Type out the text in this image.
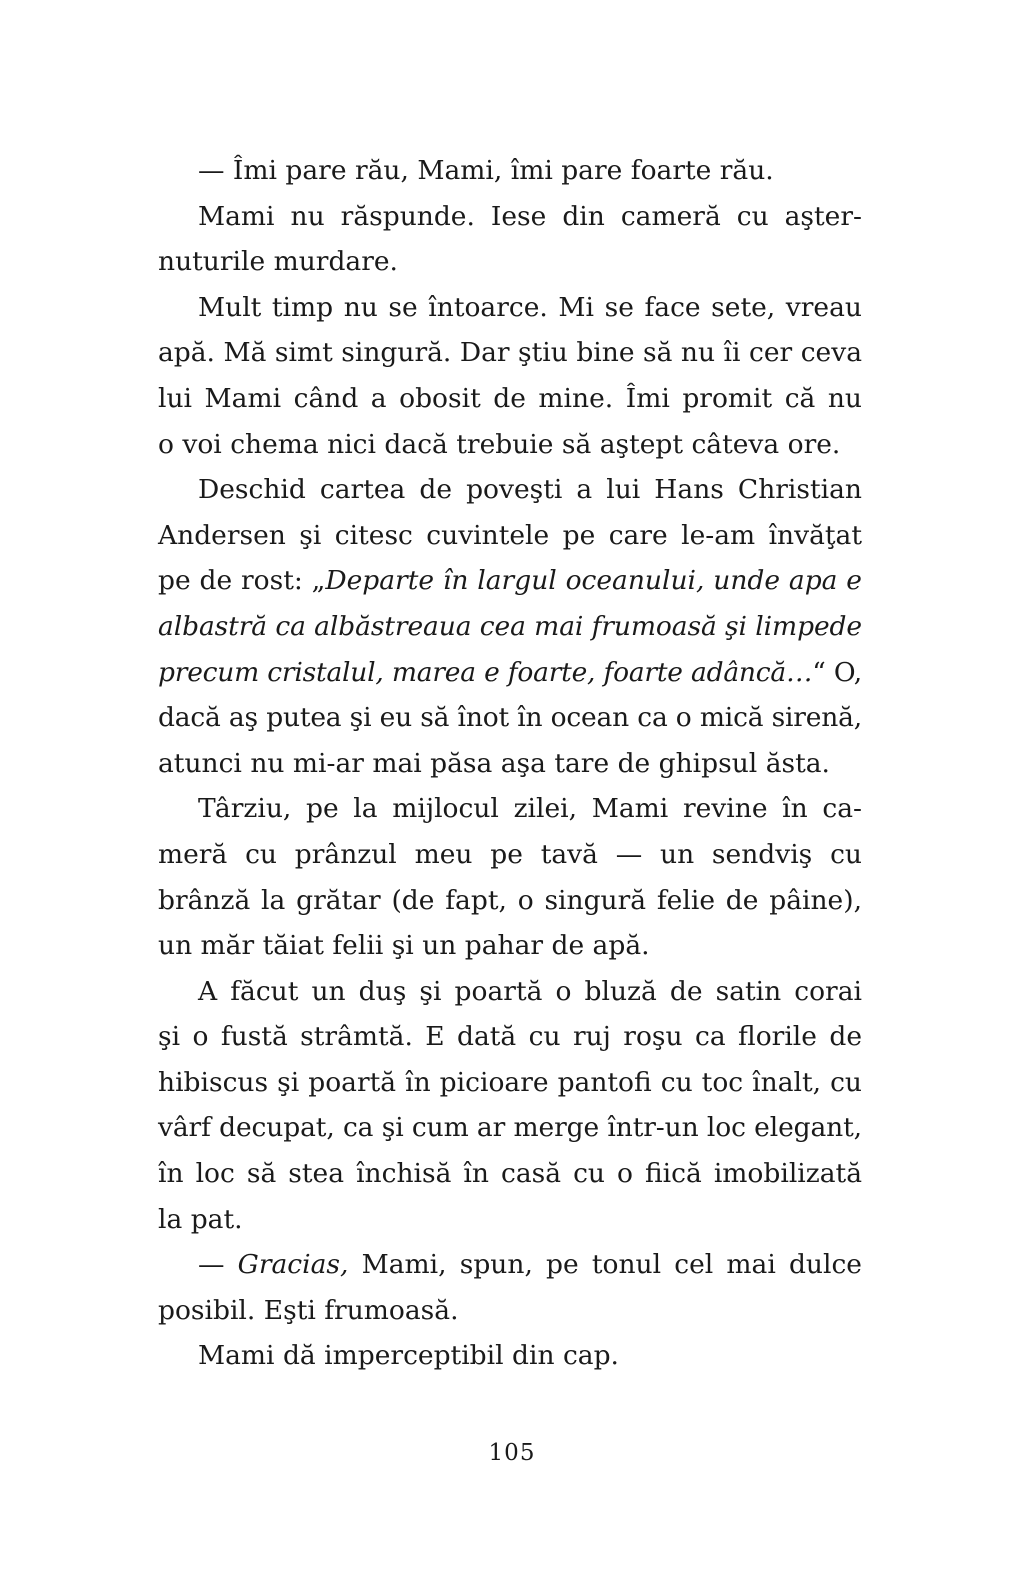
— Îmi pare rău, Mami, îmi pare foarte rău.
Mami nu răspunde. Iese din cameră cu aşter-
nuturile murdare.
Mult timp nu se întoarce. Mi se face sete, vreau
apă. Mă simt singură. Dar ştiu bine să nu îi cer ceva
lui Mami când a obosit de mine. Îmi promit că nu
o voi chema nici dacă trebuie să aştept câteva ore.
Deschid cartea de poveşti a lui Hans Christian
Andersen şi citesc cuvintele pe care le-am învăţat
pe de rost: „Departe în largul oceanului, unde apa e
albastră ca albăstreaua cea mai frumoasă şi limpede
precum cristalul, marea e foarte, foarte adâncă…“ O,
dacă aş putea şi eu să înot în ocean ca o mică sirenă,
atunci nu mi-ar mai păsa aşa tare de ghipsul ăsta.
Târziu, pe la mijlocul zilei, Mami revine în ca-
meră cu prânzul meu pe tavă — un sendviş cu
brânză la grătar (de fapt, o singură felie de pâine),
un măr tăiat felii şi un pahar de apă.
A făcut un duş şi poartă o bluză de satin corai
şi o fustă strâmtă. E dată cu ruj roşu ca florile de
hibiscus şi poartă în picioare pantofi cu toc înalt, cu
vârf decupat, ca şi cum ar merge într-un loc elegant,
în loc să stea închisă în casă cu o fiică imobilizată
la pat.
— Gracias, Mami, spun, pe tonul cel mai dulce
posibil. Eşti frumoasă.
Mami dă imperceptibil din cap.
105
